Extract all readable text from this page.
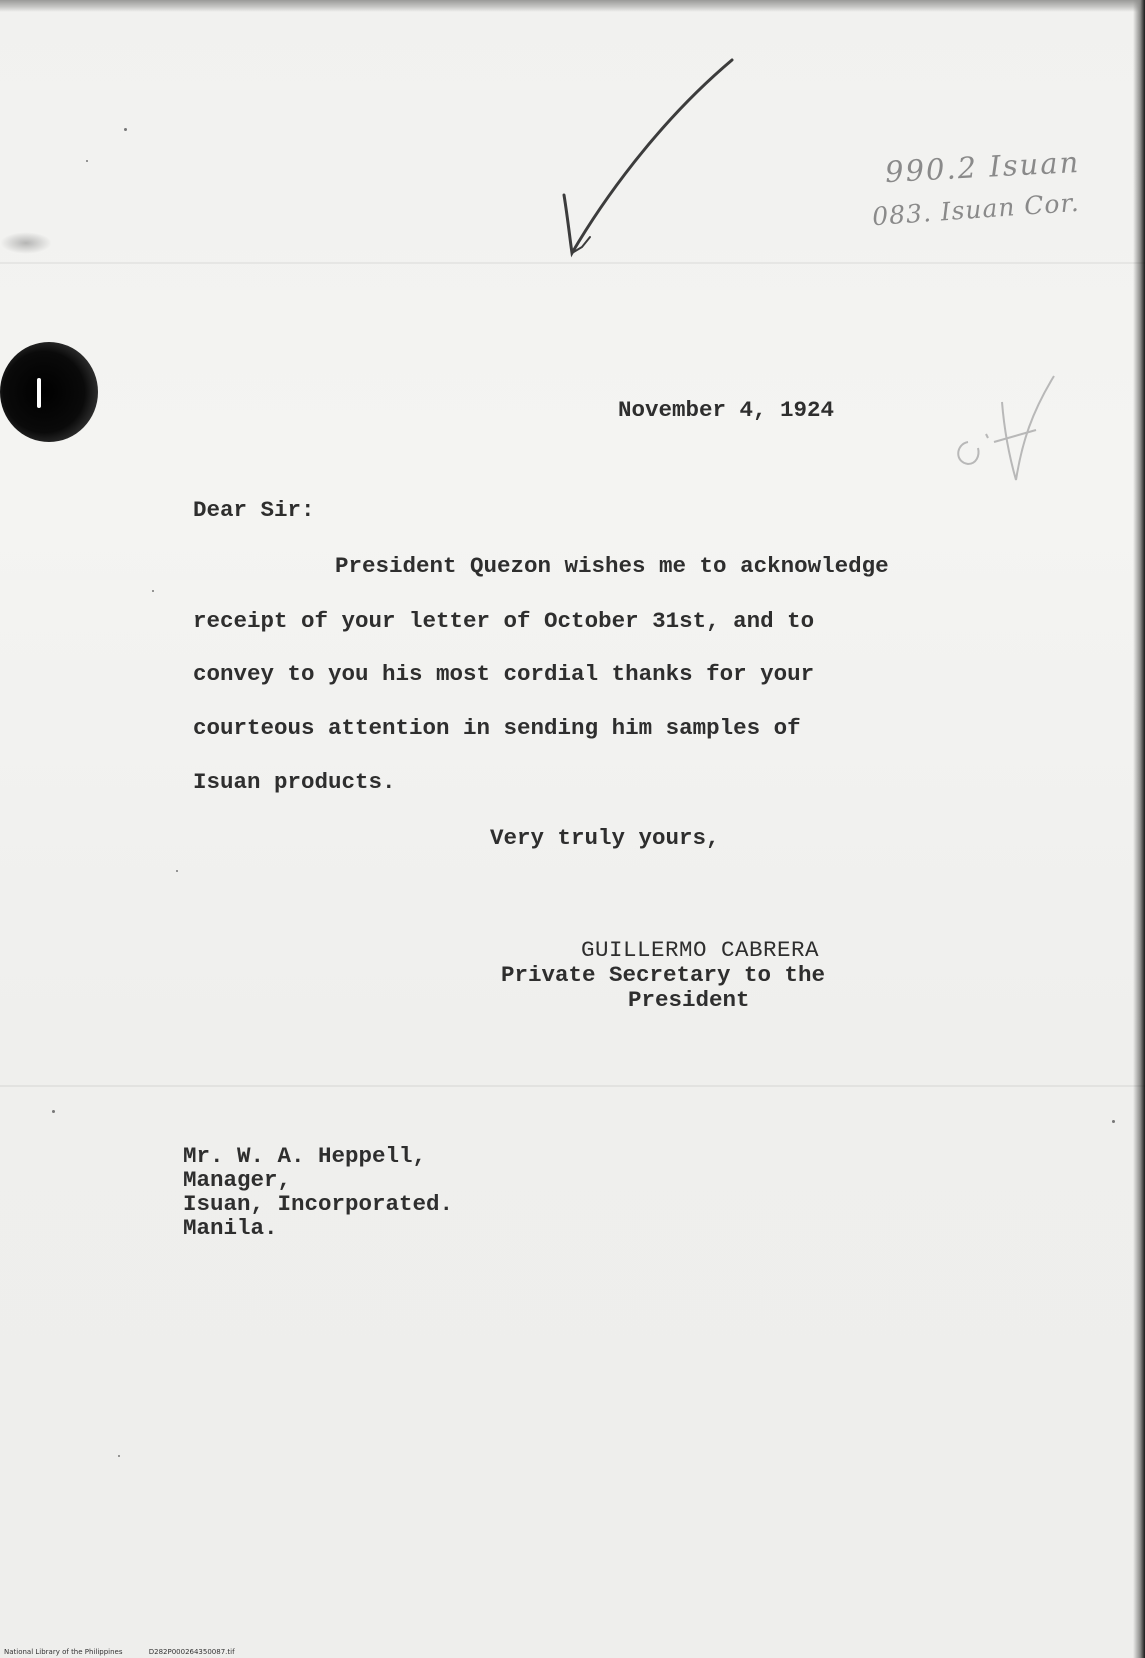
990.2 Isuan
083. Isuan Cor.
November 4, 1924
Dear Sir:
President Quezon wishes me to acknowledge
receipt of your letter of October 31st, and to
convey to you his most cordial thanks for your
courteous attention in sending him samples of
Isuan products.
Very truly yours,
GUILLERMO CABRERA
Private Secretary to the
President
Mr. W. A. Heppell,
Manager,
Isuan, Incorporated.
Manila.
National Library of the Philippines	D282P000264350087.tif
